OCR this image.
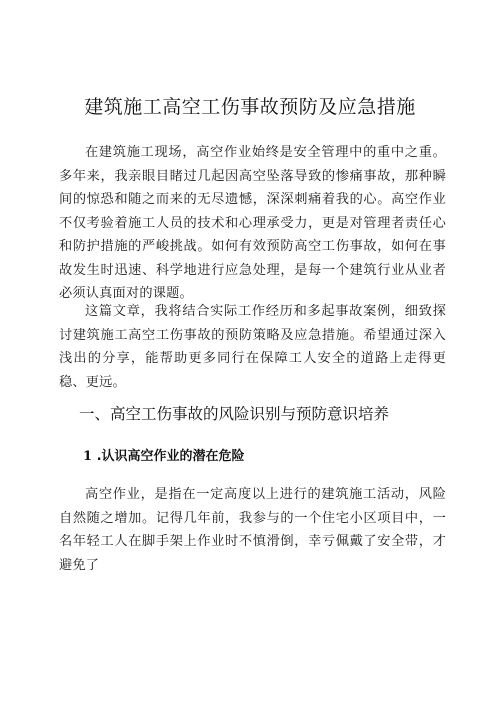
建筑施工高空工伤事故预防及应急措施

在建筑施工现场，高空作业始终是安全管理中的重中之重。多年来，我亲眼目睹过几起因高空坠落导致的惨痛事故，那种瞬间的惊恐和随之而来的无尽遗憾，深深刺痛着我的心。高空作业不仅考验着施工人员的技术和心理承受力，更是对管理者责任心和防护措施的严峻挑战。如何有效预防高空工伤事故，如何在事故发生时迅速、科学地进行应急处理，是每一个建筑行业从业者必须认真面对的课题。

这篇文章，我将结合实际工作经历和多起事故案例，细致探讨建筑施工高空工伤事故的预防策略及应急措施。希望通过深入浅出的分享，能帮助更多同行在保障工人安全的道路上走得更稳、更远。

一、高空工伤事故的风险识别与预防意识培养
1 .认识高空作业的潜在危险

高空作业，是指在一定高度以上进行的建筑施工活动，风险自然随之增加。记得几年前，我参与的一个住宅小区项目中，一名年轻工人在脚手架上作业时不慎滑倒，幸亏佩戴了安全带，才避免了
